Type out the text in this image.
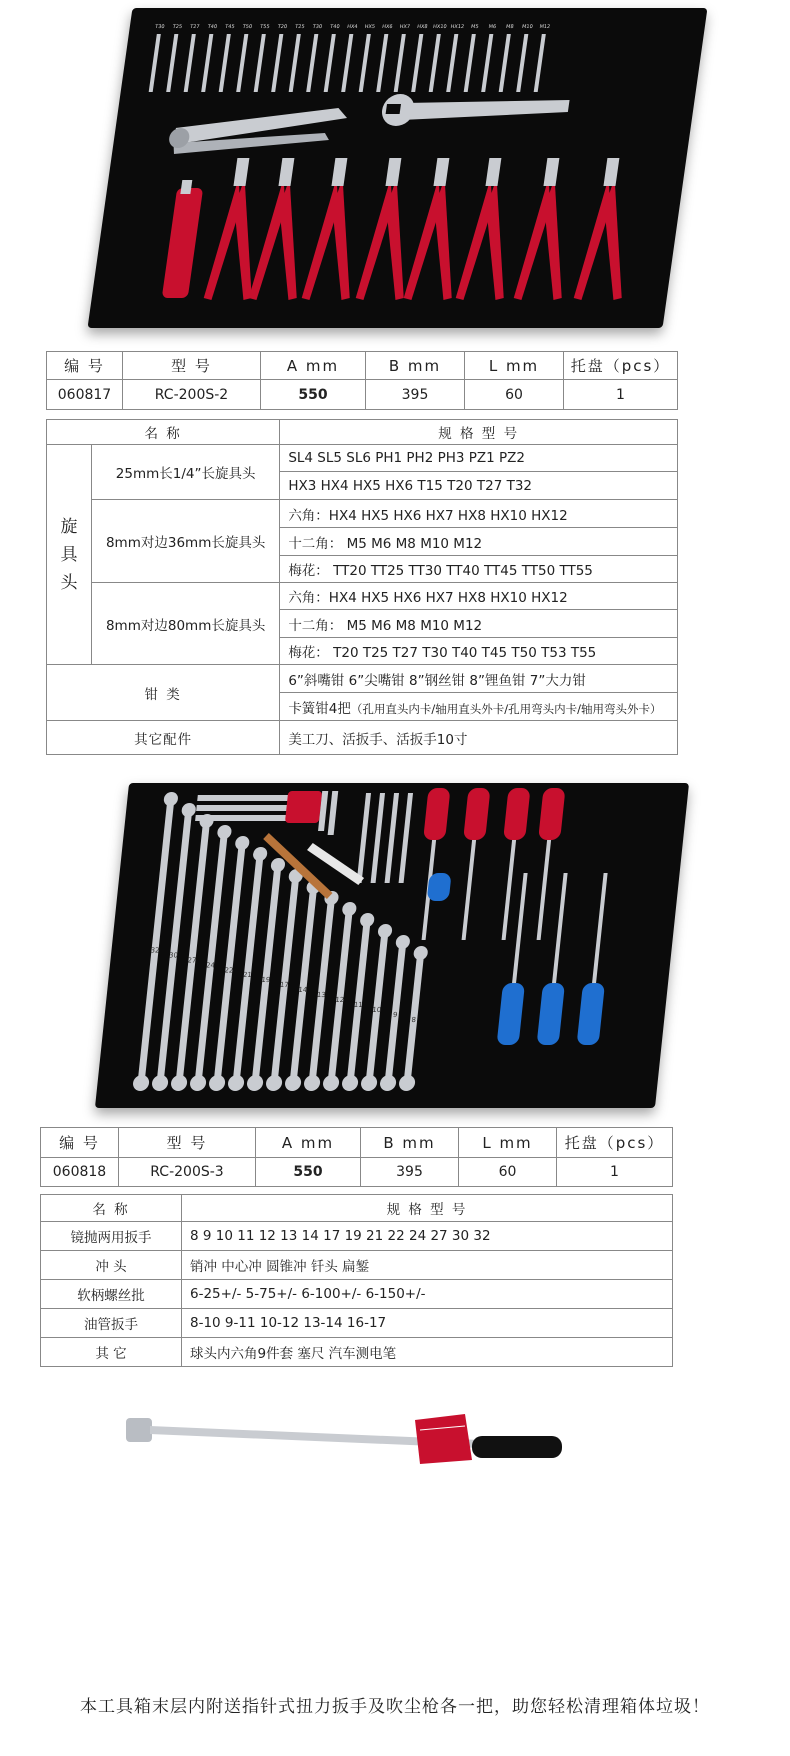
T30 T25 T27 T40 T45 T50 T55 T20 T25 T30 T40 HX4 HX5 HX6 HX7 HX8 HX10 HX12 M5 M6 M8 M10 M12
编 号	型 号	A mm	B mm	L mm	托盘（pcs）
060817	RC-200S-2	550	395	60	1
名 称		规 格 型 号

旋具头	25mm长1/4”长旋具头	SL4 SL5 SL6 PH1 PH2 PH3 PZ1 PZ2
		HX3 HX4 HX5 HX6 T15 T20 T27 T32
	8mm对边36mm长旋具头	六角：HX4 HX5 HX6 HX7 HX8 HX10 HX12
		十二角： M5 M6 M8 M10 M12
		梅花： TT20 TT25 TT30 TT40 TT45 TT50 TT55
	8mm对边80mm长旋具头	六角：HX4 HX5 HX6 HX7 HX8 HX10 HX12
		十二角： M5 M6 M8 M10 M12
		梅花： T20 T25 T27 T30 T40 T45 T50 T53 T55
钳 类		6”斜嘴钳 6”尖嘴钳 8”钢丝钳 8”锂鱼钳 7”大力钳
		卡簧钳4把（孔用直头内卡/轴用直头外卡/孔用弯头内卡/轴用弯头外卡）
其它配件		美工刀、活扳手、活扳手10寸
32
30
27
24
22
21
19
17
14
13
12
11
10
9
8
编 号	型 号	A mm	B mm	L mm	托盘（pcs）
060818	RC-200S-3	550	395	60	1
名 称	规 格 型 号
镜抛两用扳手	8 9 10 11 12 13 14 17 19 21 22 24 27 30 32
冲 头	销冲 中心冲 圆锥冲 钎头 扁錾
软柄螺丝批	6-25+/- 5-75+/- 6-100+/- 6-150+/-
油管扳手	8-10 9-11 10-12 13-14 16-17
其 它	球头内六角9件套 塞尺 汽车测电笔
本工具箱末层内附送指针式扭力扳手及吹尘枪各一把，助您轻松清理箱体垃圾！
